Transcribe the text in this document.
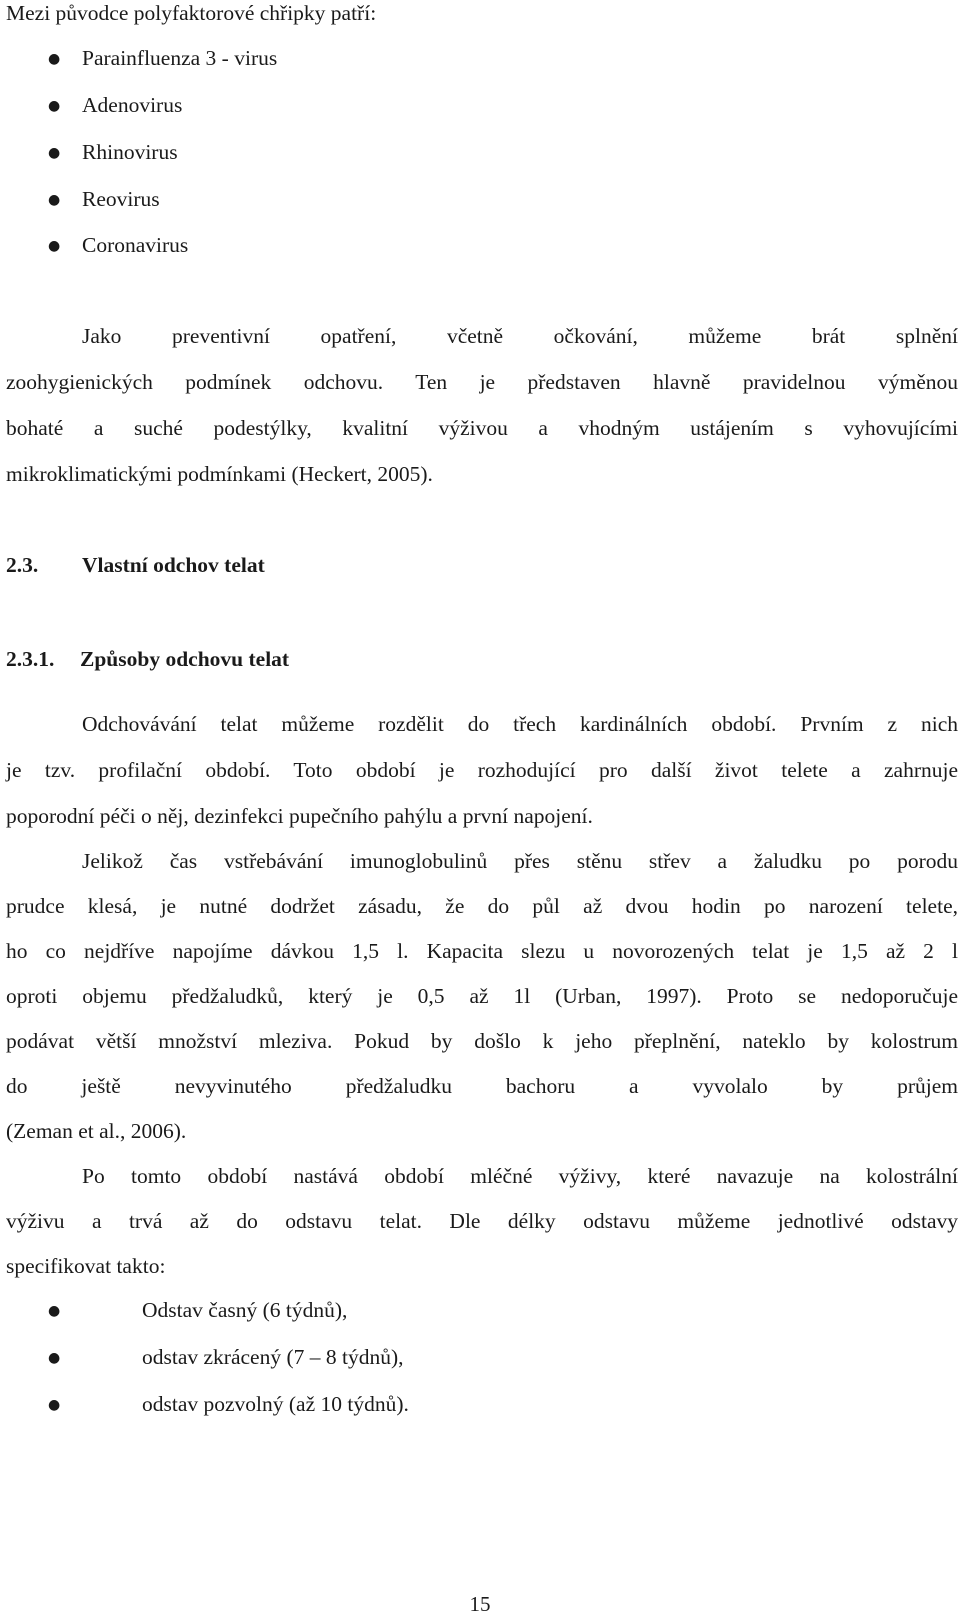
Mezi původce polyfaktorové chřipky patří:
● Parainfluenza 3 - virus
● Adenovirus
● Rhinovirus
● Reovirus
● Coronavirus
Jako preventivní opatření, včetně očkování, můžeme brát splnění
zoohygienických podmínek odchovu. Ten je představen hlavně pravidelnou výměnou
bohaté a suché podestýlky, kvalitní výživou a vhodným ustájením s vyhovujícími
mikroklimatickými podmínkami (Heckert, 2005).
2.3. Vlastní odchov telat
2.3.1. Způsoby odchovu telat
Odchovávání telat můžeme rozdělit do třech kardinálních období. Prvním z nich
je tzv. profilační období. Toto období je rozhodující pro další život telete a zahrnuje
poporodní péči o něj, dezinfekci pupečního pahýlu a první napojení.
Jelikož čas vstřebávání imunoglobulinů přes stěnu střev a žaludku po porodu
prudce klesá, je nutné dodržet zásadu, že do půl až dvou hodin po narození telete,
ho co nejdříve napojíme dávkou 1,5 l. Kapacita slezu u novorozených telat je 1,5 až 2 l
oproti objemu předžaludků, který je 0,5 až 1l (Urban, 1997). Proto se nedoporučuje
podávat větší množství mleziva. Pokud by došlo k jeho přeplnění, nateklo by kolostrum
do ještě nevyvinutého předžaludku bachoru a vyvolalo by průjem
(Zeman et al., 2006).
Po tomto období nastává období mléčné výživy, které navazuje na kolostrální
výživu a trvá až do odstavu telat. Dle délky odstavu můžeme jednotlivé odstavy
specifikovat takto:
●	Odstav časný (6 týdnů),
●	odstav zkrácený (7 – 8 týdnů),
●	odstav pozvolný (až 10 týdnů).
15
